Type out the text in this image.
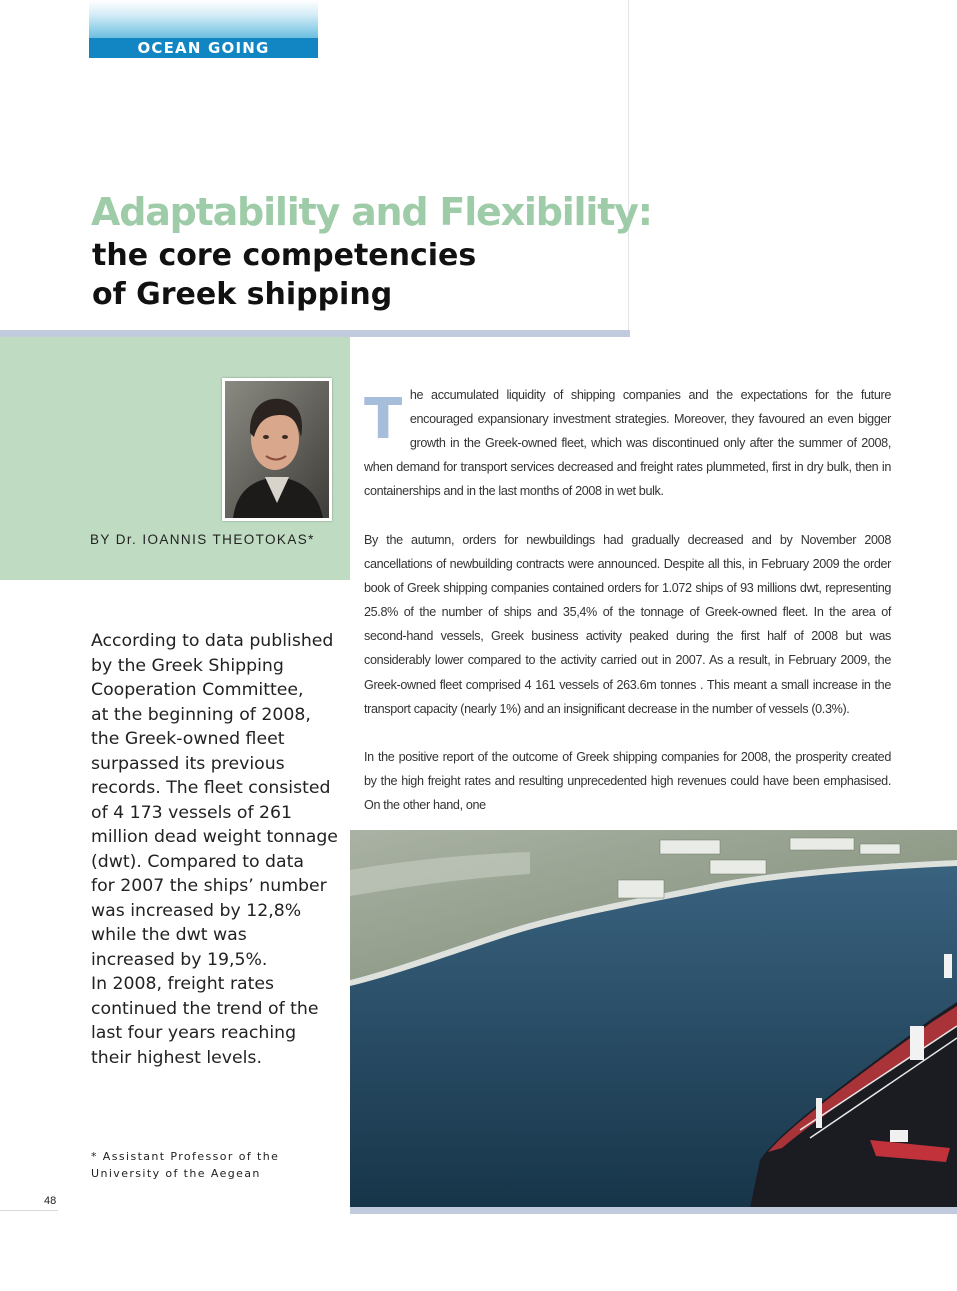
OCEAN GOING SHIPPING
Adaptability and Flexibility:
the core competencies
of Greek shipping
BY Dr. IOANNIS THEOTOKAS*
According to data published
by the Greek Shipping
Cooperation Committee,
at the beginning of 2008,
the Greek-owned fleet
surpassed its previous
records. The fleet consisted
of 4 173 vessels of 261
million dead weight tonnage
(dwt). Compared to data
for 2007 the ships’ number
was increased by 12,8%
while the dwt was
increased by 19,5%.
In 2008, freight rates
continued the trend of the
last four years reaching
their highest levels.
* Assistant Professor of the
University of the Aegean
48
The accumulated liquidity of shipping companies and the expectations for the future encouraged expansionary investment strategies. Moreover, they favoured an even bigger growth in the Greek-owned fleet, which was discontinued only after the summer of 2008, when demand for transport services decreased and freight rates plummeted, first in dry bulk, then in containerships and in the last months of 2008 in wet bulk.
By the autumn, orders for newbuildings had gradually decreased and by November 2008 cancellations of newbuilding contracts were announced. Despite all this, in February 2009 the order book of Greek shipping companies contained orders for 1.072 ships of 93 millions dwt, representing 25.8% of the number of ships and 35,4% of the tonnage of Greek-owned fleet. In the area of second-hand vessels, Greek business activity peaked during the first half of 2008 but was considerably lower compared to the activity carried out in 2007. As a result, in February 2009, the Greek-owned fleet comprised 4 161 vessels of 263.6m tonnes . This meant a small increase in the transport capacity (nearly 1%) and an insignificant decrease in the number of vessels (0.3%).
In the positive report of the outcome of Greek shipping companies for 2008, the prosperity created by the high freight rates and resulting unprecedented high revenues could have been emphasised. On the other hand, one
